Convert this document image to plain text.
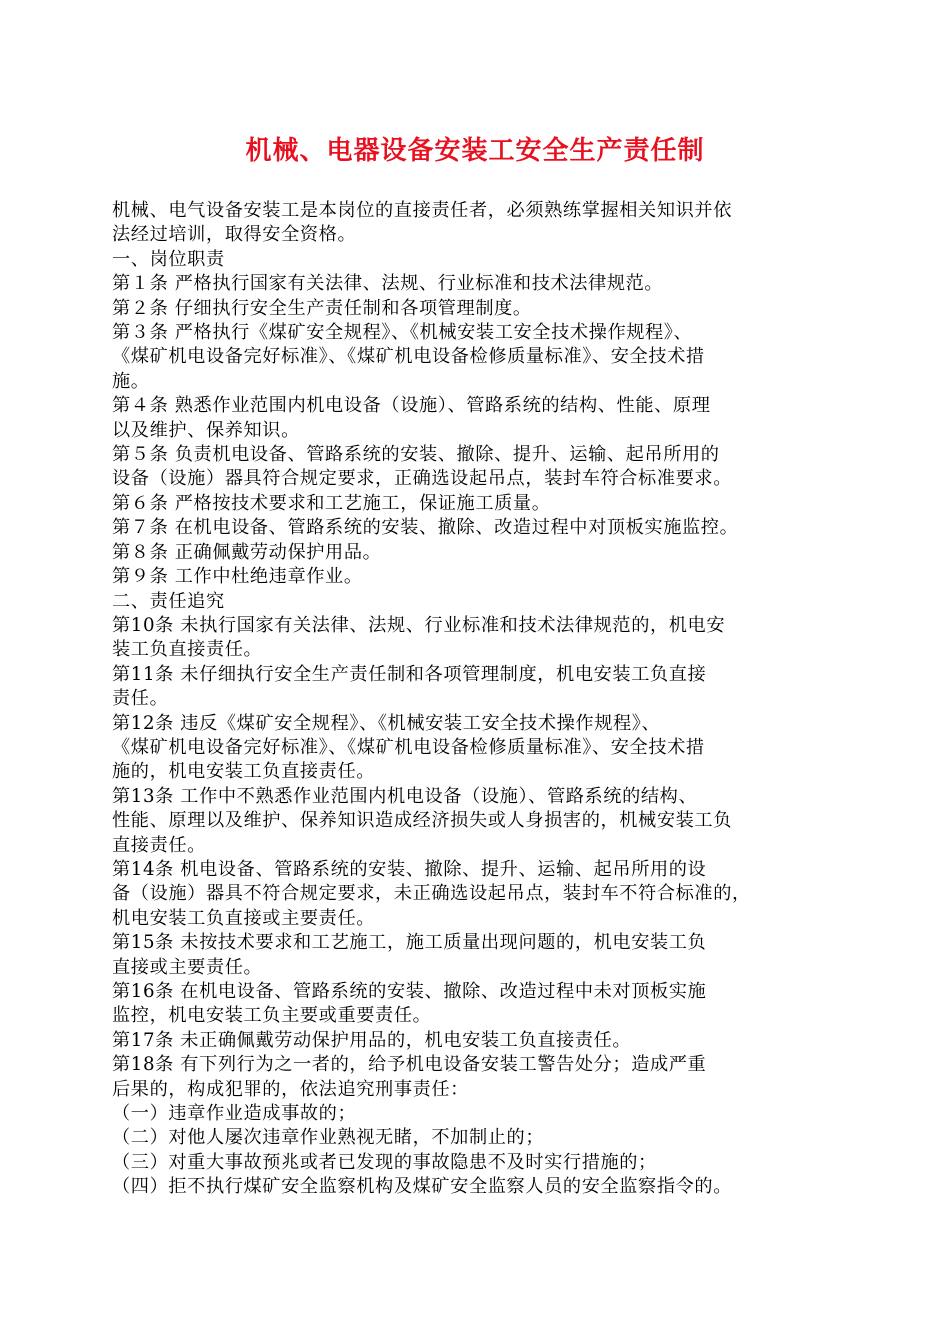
机械、电器设备安装工安全生产责任制

机械、电气设备安装工是本岗位的直接责任者，必须熟练掌握相关知识并依

法经过培训，取得安全资格。

一、岗位职责

第１条 严格执行国家有关法律、法规、行业标准和技术法律规范。

第２条 仔细执行安全生产责任制和各项管理制度。

第３条 严格执行《煤矿安全规程》、《机械安装工安全技术操作规程》、

《煤矿机电设备完好标准》、《煤矿机电设备检修质量标准》、安全技术措

施。

第４条 熟悉作业范围内机电设备（设施）、管路系统的结构、性能、原理

以及维护、保养知识。

第５条 负责机电设备、管路系统的安装、撤除、提升、运输、起吊所用的

设备（设施）器具符合规定要求，正确选设起吊点，装封车符合标准要求。

第６条 严格按技术要求和工艺施工，保证施工质量。

第７条 在机电设备、管路系统的安装、撤除、改造过程中对顶板实施监控。

第８条 正确佩戴劳动保护用品。

第９条 工作中杜绝违章作业。

二、责任追究

第10条 未执行国家有关法律、法规、行业标准和技术法律规范的，机电安

装工负直接责任。

第11条 未仔细执行安全生产责任制和各项管理制度，机电安装工负直接

责任。

第12条 违反《煤矿安全规程》、《机械安装工安全技术操作规程》、

《煤矿机电设备完好标准》、《煤矿机电设备检修质量标准》、安全技术措

施的，机电安装工负直接责任。

第13条 工作中不熟悉作业范围内机电设备（设施）、管路系统的结构、

性能、原理以及维护、保养知识造成经济损失或人身损害的，机械安装工负

直接责任。

第14条 机电设备、管路系统的安装、撤除、提升、运输、起吊所用的设

备（设施）器具不符合规定要求，未正确选设起吊点，装封车不符合标准的，

机电安装工负直接或主要责任。

第15条 未按技术要求和工艺施工，施工质量出现问题的，机电安装工负

直接或主要责任。

第16条 在机电设备、管路系统的安装、撤除、改造过程中未对顶板实施

监控，机电安装工负主要或重要责任。

第17条 未正确佩戴劳动保护用品的，机电安装工负直接责任。

第18条 有下列行为之一者的，给予机电设备安装工警告处分；造成严重

后果的，构成犯罪的，依法追究刑事责任：

（一）违章作业造成事故的；

（二）对他人屡次违章作业熟视无睹，不加制止的；

（三）对重大事故预兆或者已发现的事故隐患不及时实行措施的；

（四）拒不执行煤矿安全监察机构及煤矿安全监察人员的安全监察指令的。
